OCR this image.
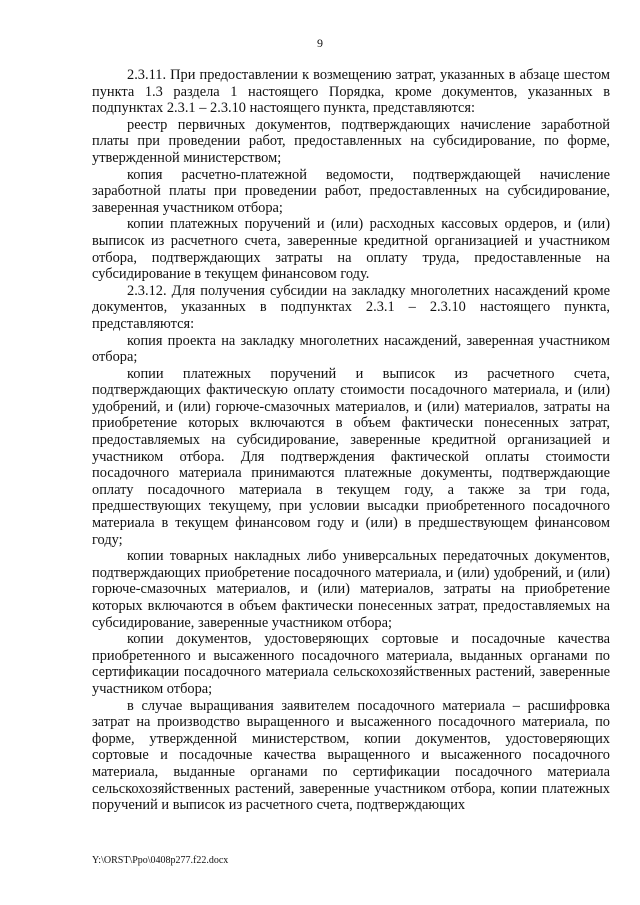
9

2.3.11. При предоставлении к возмещению затрат, указанных в абзаце шестом пункта 1.3 раздела 1 настоящего Порядка, кроме документов, указанных в подпунктах 2.3.1 – 2.3.10 настоящего пункта, представляются:

реестр первичных документов, подтверждающих начисление заработной платы при проведении работ, предоставленных на субсидирование, по форме, утвержденной министерством;

копия расчетно-платежной ведомости, подтверждающей начисление заработной платы при проведении работ, предоставленных на субсидирование, заверенная участником отбора;

копии платежных поручений и (или) расходных кассовых ордеров, и (или) выписок из расчетного счета, заверенные кредитной организацией и участником отбора, подтверждающих затраты на оплату труда, предоставленные на субсидирование в текущем финансовом году.

2.3.12. Для получения субсидии на закладку многолетних насаждений кроме документов, указанных в подпунктах 2.3.1 – 2.3.10 настоящего пункта, представляются:

копия проекта на закладку многолетних насаждений, заверенная участником отбора;

копии платежных поручений и выписок из расчетного счета, подтверждающих фактическую оплату стоимости посадочного материала, и (или) удобрений, и (или) горюче-смазочных материалов, и (или) материалов, затраты на приобретение которых включаются в объем фактически понесенных затрат, предоставляемых на субсидирование, заверенные кредитной организацией и участником отбора. Для подтверждения фактической оплаты стоимости посадочного материала принимаются платежные документы, подтверждающие оплату посадочного материала в текущем году, а также за три года, предшествующих текущему, при условии высадки приобретенного посадочного материала в текущем финансовом году и (или) в предшествующем финансовом году;

копии товарных накладных либо универсальных передаточных документов, подтверждающих приобретение посадочного материала, и (или) удобрений, и (или) горюче-смазочных материалов, и (или) материалов, затраты на приобретение которых включаются в объем фактически понесенных затрат, предоставляемых на субсидирование, заверенные участником отбора;

копии документов, удостоверяющих сортовые и посадочные качества приобретенного и высаженного посадочного материала, выданных органами по сертификации посадочного материала сельскохозяйственных растений, заверенные участником отбора;

в случае выращивания заявителем посадочного материала – расшифровка затрат на производство выращенного и высаженного посадочного материала, по форме, утвержденной министерством, копии документов, удостоверяющих сортовые и посадочные качества выращенного и высаженного посадочного материала, выданные органами по сертификации посадочного материала сельскохозяйственных растений, заверенные участником отбора, копии платежных поручений и выписок из расчетного счета, подтверждающих

Y:\ORST\Ppo\0408p277.f22.docx
